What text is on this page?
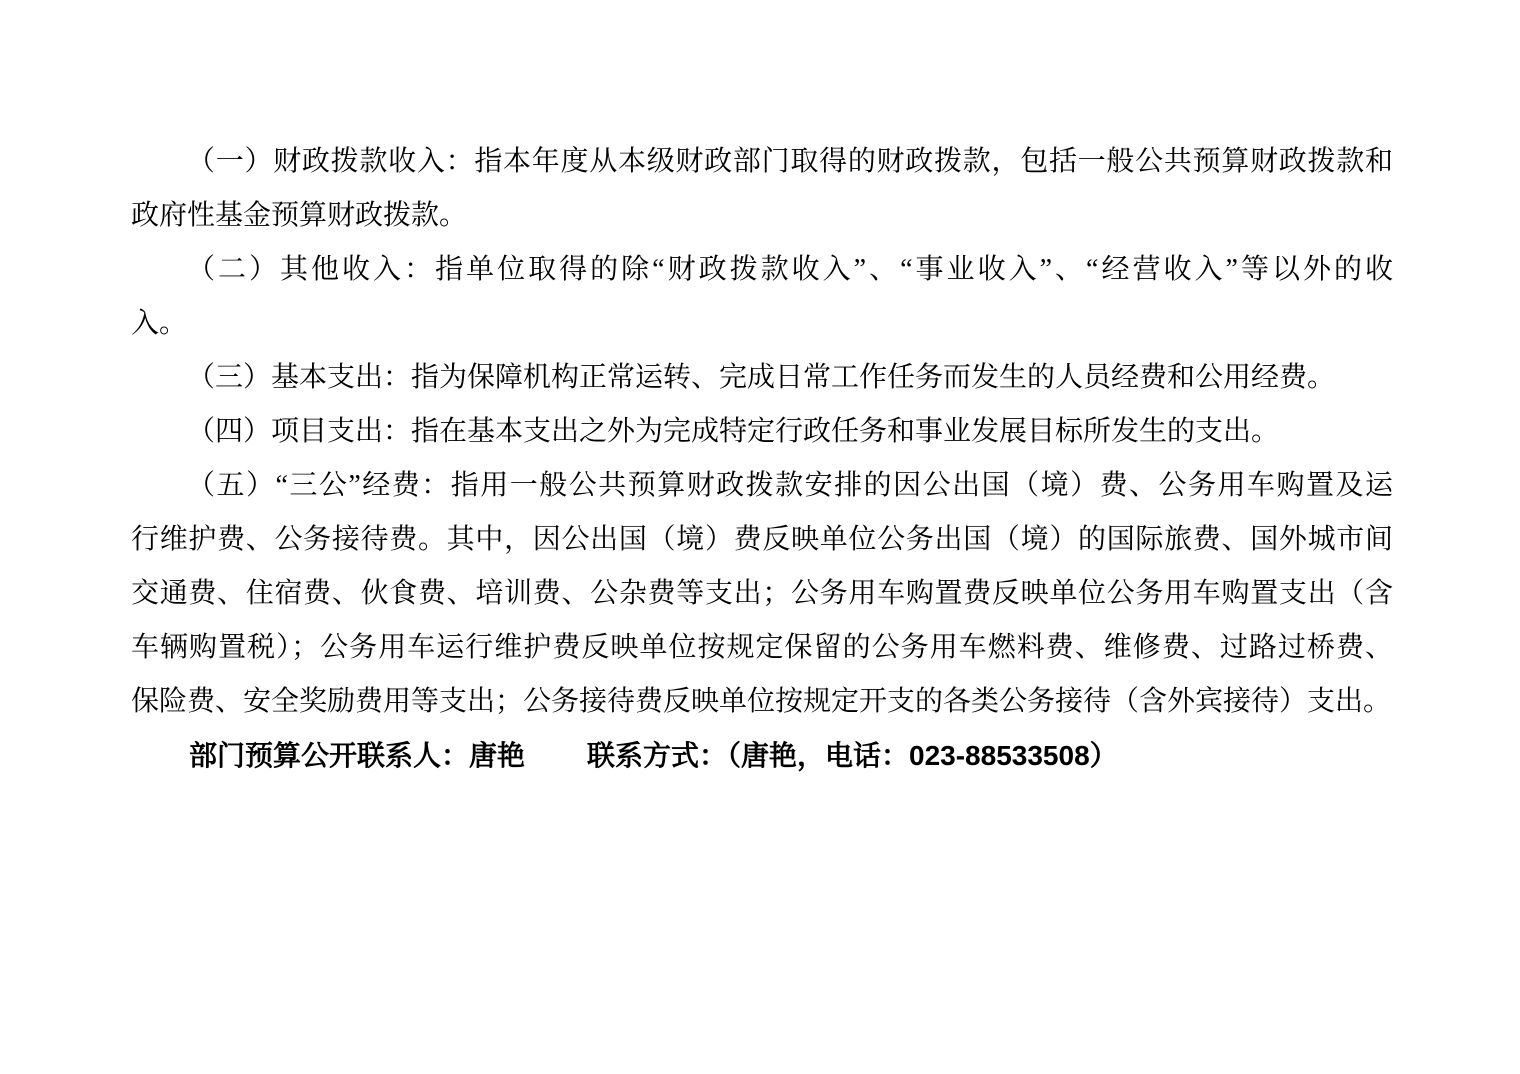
（一）财政拨款收入：指本年度从本级财政部门取得的财政拨款，包括一般公共预算财政拨款和
政府性基金预算财政拨款。
（二）其他收入：指单位取得的除“财政拨款收入”、“事业收入”、“经营收入”等以外的收
入。
（三）基本支出：指为保障机构正常运转、完成日常工作任务而发生的人员经费和公用经费。
（四）项目支出：指在基本支出之外为完成特定行政任务和事业发展目标所发生的支出。
（五）“三公”经费：指用一般公共预算财政拨款安排的因公出国（境）费、公务用车购置及运
行维护费、公务接待费。其中，因公出国（境）费反映单位公务出国（境）的国际旅费、国外城市间
交通费、住宿费、伙食费、培训费、公杂费等支出；公务用车购置费反映单位公务用车购置支出（含
车辆购置税）；公务用车运行维护费反映单位按规定保留的公务用车燃料费、维修费、过路过桥费、
保险费、安全奖励费用等支出；公务接待费反映单位按规定开支的各类公务接待（含外宾接待）支出。
部门预算公开联系人：唐艳 联系方式：（唐艳，电话：023-88533508）
